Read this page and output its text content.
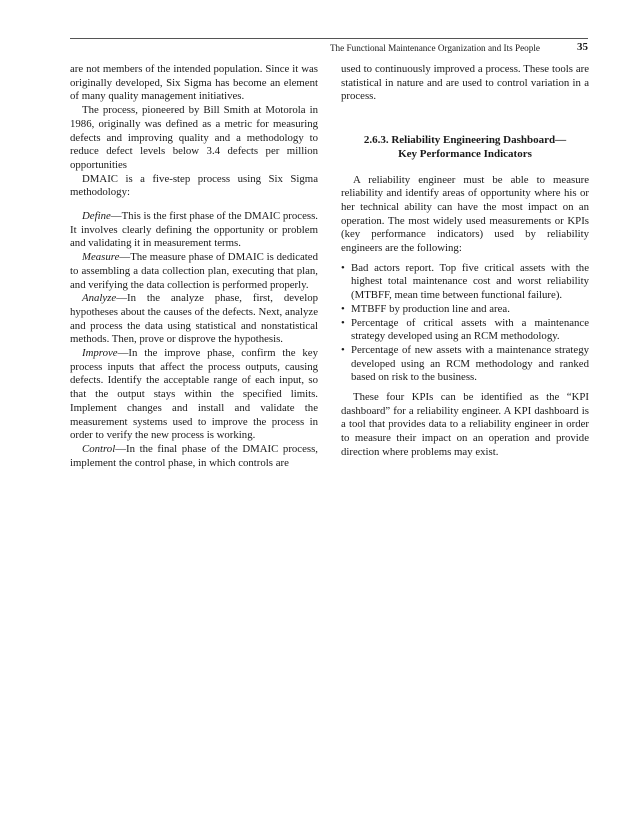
The Functional Maintenance Organization and Its People	35

are not members of the intended population. Since it was originally developed, Six Sigma has become an element of many quality management initiatives.

The process, pioneered by Bill Smith at Motorola in 1986, originally was defined as a metric for measuring defects and improving quality and a methodology to reduce defect levels below 3.4 defects per million opportunities

DMAIC is a five-step process using Six Sigma methodology:

Define—This is the first phase of the DMAIC process. It involves clearly defining the opportunity or problem and validating it in measurement terms.

Measure—The measure phase of DMAIC is dedicated to assembling a data collection plan, executing that plan, and verifying the data collection is performed properly.

Analyze—In the analyze phase, first, develop hypotheses about the causes of the defects. Next, analyze and process the data using statistical and nonstatistical methods. Then, prove or disprove the hypothesis.

Improve—In the improve phase, confirm the key process inputs that affect the process outputs, causing defects. Identify the acceptable range of each input, so that the output stays within the specified limits. Implement changes and install and validate the measurement systems used to improve the process in order to verify the new process is working.

Control—In the final phase of the DMAIC process, implement the control phase, in which controls are

used to continuously improved a process. These tools are statistical in nature and are used to control variation in a process.

2.6.3. Reliability Engineering Dashboard—Key Performance Indicators

A reliability engineer must be able to measure reliability and identify areas of opportunity where his or her technical ability can have the most impact on an operation. The most widely used measurements or KPIs (key performance indicators) used by reliability engineers are the following:

• Bad actors report. Top five critical assets with the highest total maintenance cost and worst reliability (MTBFF, mean time between functional failure).
• MTBFF by production line and area.
• Percentage of critical assets with a maintenance strategy developed using an RCM methodology.
• Percentage of new assets with a maintenance strategy developed using an RCM methodology and ranked based on risk to the business.

These four KPIs can be identified as the “KPI dashboard” for a reliability engineer. A KPI dashboard is a tool that provides data to a reliability engineer in order to measure their impact on an operation and provide direction where problems may exist.
